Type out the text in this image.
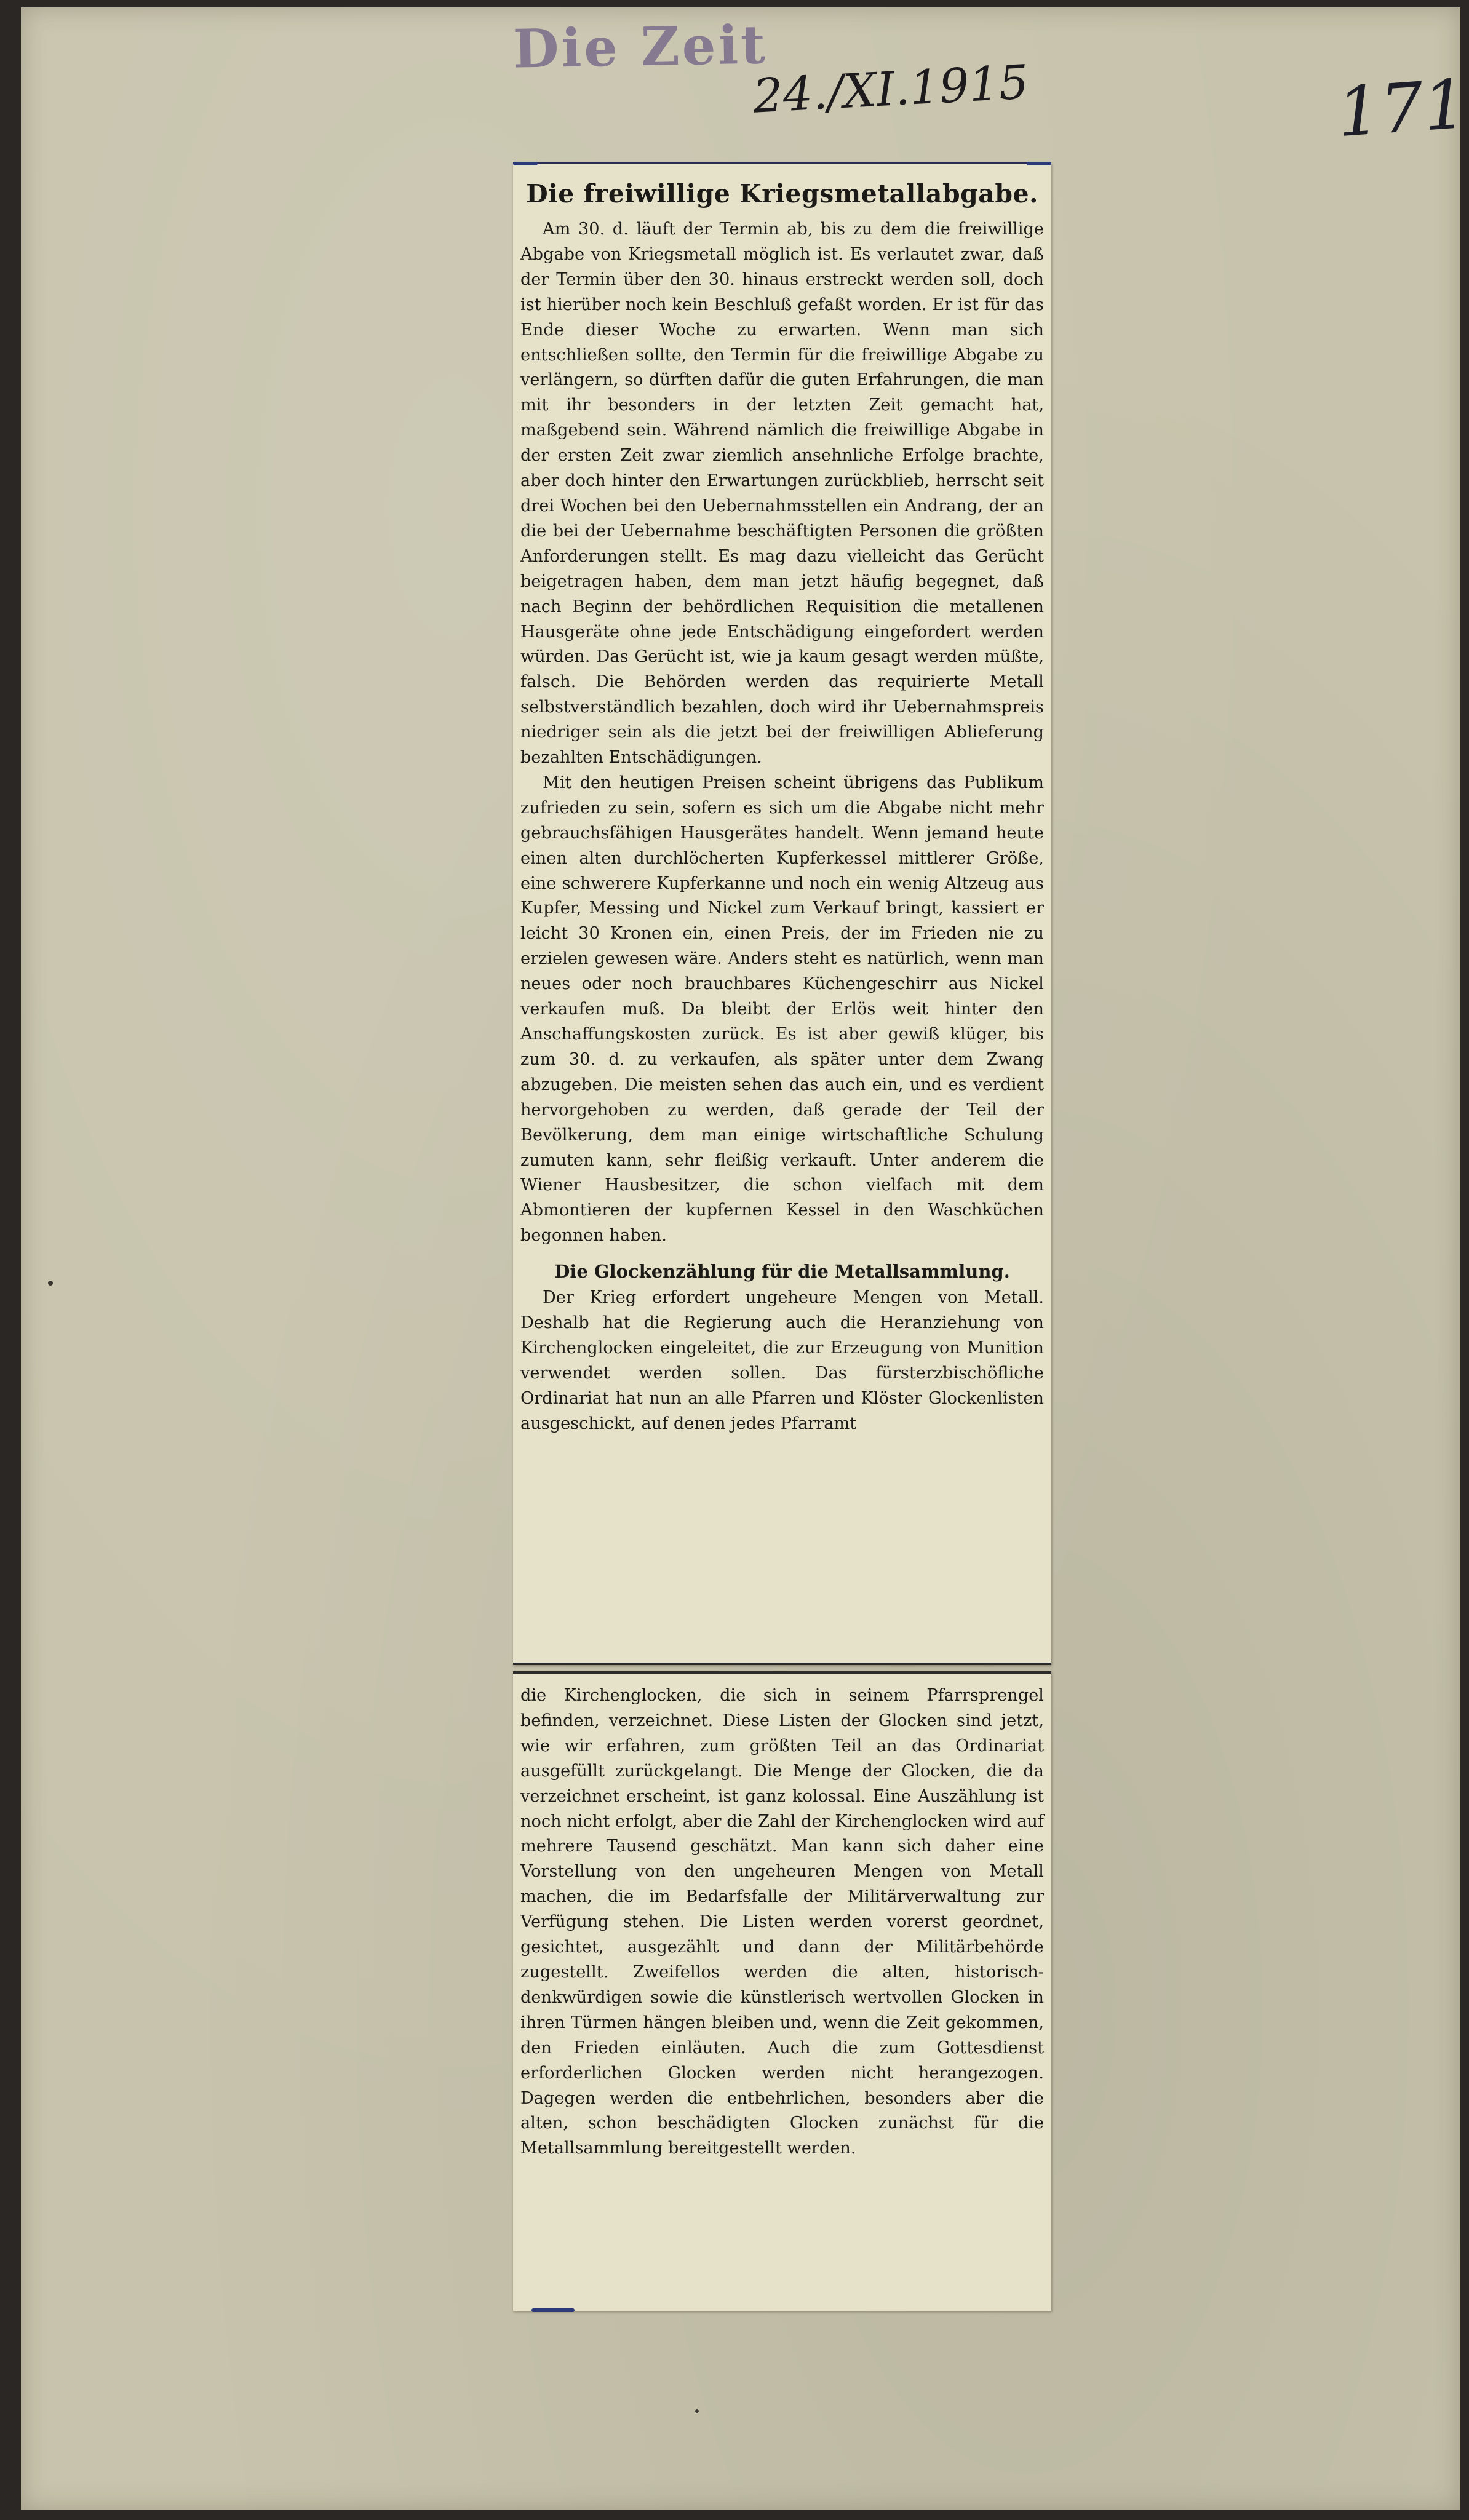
Die Zeit
24./XI.1915	171
Die freiwillige Kriegsmetallabgabe.

Am 30. d. läuft der Termin ab, bis zu dem die freiwillige Abgabe von Kriegsmetall möglich ist. Es verlautet zwar, daß der Termin über den 30. hinaus erstreckt werden soll, doch ist hierüber noch kein Beschluß gefaßt worden. Er ist für das Ende dieser Woche zu erwarten. Wenn man sich entschließen sollte, den Termin für die freiwillige Abgabe zu verlängern, so dürften dafür die guten Erfahrungen, die man mit ihr besonders in der letzten Zeit gemacht hat, maßgebend sein. Während nämlich die freiwillige Abgabe in der ersten Zeit zwar ziemlich ansehnliche Erfolge brachte, aber doch hinter den Erwartungen zurückblieb, herrscht seit drei Wochen bei den Uebernahmsstellen ein Andrang, der an die bei der Uebernahme beschäftigten Personen die größten Anforderungen stellt. Es mag dazu vielleicht das Gerücht beigetragen haben, dem man jetzt häufig begegnet, daß nach Beginn der behördlichen Requisition die metallenen Hausgeräte ohne jede Entschädigung eingefordert werden würden. Das Gerücht ist, wie ja kaum gesagt werden müßte, falsch. Die Behörden werden das requirierte Metall selbstverständlich bezahlen, doch wird ihr Uebernahmspreis niedriger sein als die jetzt bei der freiwilligen Ablieferung bezahlten Entschädigungen.

Mit den heutigen Preisen scheint übrigens das Publikum zufrieden zu sein, sofern es sich um die Abgabe nicht mehr gebrauchsfähigen Hausgerätes handelt. Wenn jemand heute einen alten durchlöcherten Kupferkessel mittlerer Größe, eine schwerere Kupferkanne und noch ein wenig Altzeug aus Kupfer, Messing und Nickel zum Verkauf bringt, kassiert er leicht 30 Kronen ein, einen Preis, der im Frieden nie zu erzielen gewesen wäre. Anders steht es natürlich, wenn man neues oder noch brauchbares Küchengeschirr aus Nickel verkaufen muß. Da bleibt der Erlös weit hinter den Anschaffungskosten zurück. Es ist aber gewiß klüger, bis zum 30. d. zu verkaufen, als später unter dem Zwang abzugeben. Die meisten sehen das auch ein, und es verdient hervorgehoben zu werden, daß gerade der Teil der Bevölkerung, dem man einige wirtschaftliche Schulung zumuten kann, sehr fleißig verkauft. Unter anderem die Wiener Hausbesitzer, die schon vielfach mit dem Abmontieren der kupfernen Kessel in den Waschküchen begonnen haben.

Die Glockenzählung für die Metallsammlung.

Der Krieg erfordert ungeheure Mengen von Metall. Deshalb hat die Regierung auch die Heranziehung von Kirchenglocken eingeleitet, die zur Erzeugung von Munition verwendet werden sollen. Das fürsterzbischöfliche Ordinariat hat nun an alle Pfarren und Klöster Glockenlisten ausgeschickt, auf denen jedes Pfarramt

die Kirchenglocken, die sich in seinem Pfarrsprengel befinden, verzeichnet. Diese Listen der Glocken sind jetzt, wie wir erfahren, zum größten Teil an das Ordinariat ausgefüllt zurückgelangt. Die Menge der Glocken, die da verzeichnet erscheint, ist ganz kolossal. Eine Auszählung ist noch nicht erfolgt, aber die Zahl der Kirchenglocken wird auf mehrere Tausend geschätzt. Man kann sich daher eine Vorstellung von den ungeheuren Mengen von Metall machen, die im Bedarfsfalle der Militärverwaltung zur Verfügung stehen. Die Listen werden vorerst geordnet, gesichtet, ausgezählt und dann der Militärbehörde zugestellt. Zweifellos werden die alten, historisch-denkwürdigen sowie die künstlerisch wertvollen Glocken in ihren Türmen hängen bleiben und, wenn die Zeit gekommen, den Frieden einläuten. Auch die zum Gottesdienst erforderlichen Glocken werden nicht herangezogen. Dagegen werden die entbehrlichen, besonders aber die alten, schon beschädigten Glocken zunächst für die Metallsammlung bereitgestellt werden.
